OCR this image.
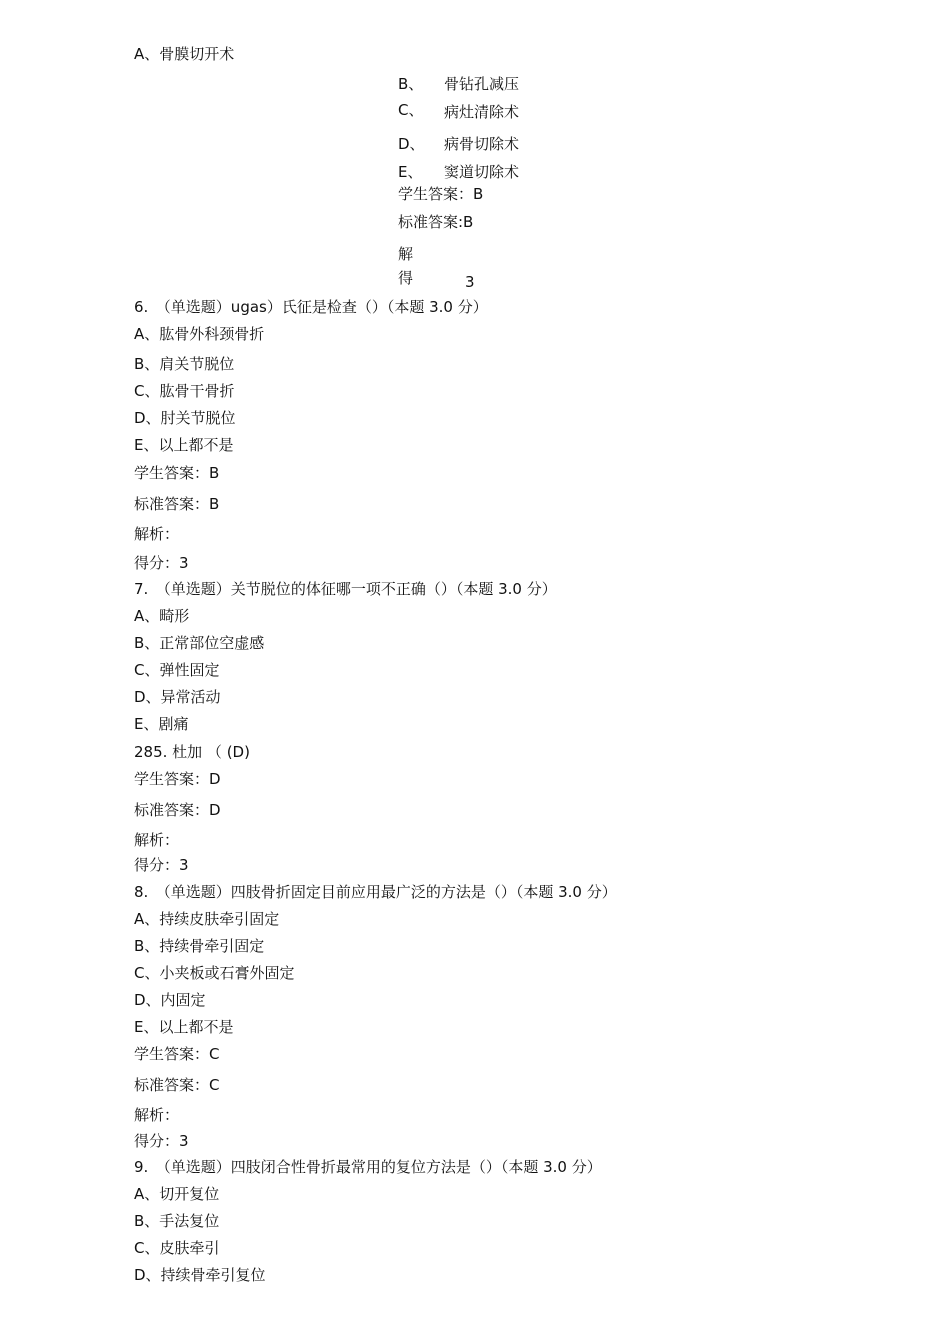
A、骨膜切开术
B、 骨钻孔减压
C、 病灶清除术
D、 病骨切除术
E、 窦道切除术
学生答案：B
标准答案:B
解
得	3
6.　（单选题）ugas）氏征是检查（）（本题 3.0 分）
A、肱骨外科颈骨折
B、肩关节脱位
C、肱骨干骨折
D、肘关节脱位
E、以上都不是
学生答案：B
标准答案：B
解析：
得分：3
7.　（单选题）关节脱位的体征哪一项不正确（）（本题 3.0 分）
A、畸形
B、正常部位空虚感
C、弹性固定
D、异常活动
E、剧痛
285. 杜加 （ (D)
学生答案：D
标准答案：D
解析：
得分：3
8.　（单选题）四肢骨折固定目前应用最广泛的方法是（）（本题 3.0 分）
A、持续皮肤牵引固定
B、持续骨牵引固定
C、小夹板或石膏外固定
D、内固定
E、以上都不是
学生答案：C
标准答案：C
解析：
得分：3
9.　（单选题）四肢闭合性骨折最常用的复位方法是（）（本题 3.0 分）
A、切开复位
B、手法复位
C、皮肤牵引
D、持续骨牵引复位
